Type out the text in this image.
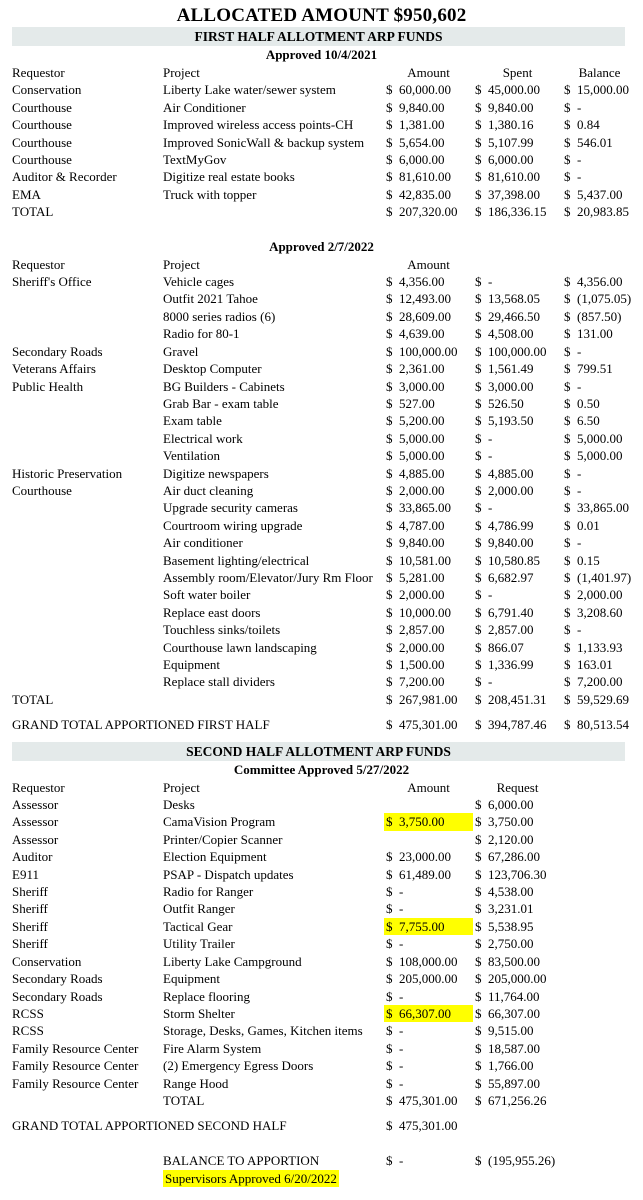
ALLOCATED AMOUNT $950,602
FIRST HALF ALLOTMENT ARP FUNDS
Approved 10/4/2021
Requestor	Project	Amount		Spent		Balance	
Conservation	Liberty Lake water/sewer system	$	60,000.00	$	45,000.00	$	15,000.00
Courthouse	Air Conditioner	$	9,840.00	$	9,840.00	$	-
Courthouse	Improved wireless access points-CH	$	1,381.00	$	1,380.16	$	0.84
Courthouse	Improved SonicWall & backup system	$	5,654.00	$	5,107.99	$	546.01
Courthouse	TextMyGov	$	6,000.00	$	6,000.00	$	-
Auditor & Recorder	Digitize real estate books	$	81,610.00	$	81,610.00	$	-
EMA	Truck with topper	$	42,835.00	$	37,398.00	$	5,437.00
TOTAL		$	207,320.00	$	186,336.15	$	20,983.85
Approved 2/7/2022
Requestor	Project	Amount					
Sheriff's Office	Vehicle cages	$	4,356.00	$	-	$	4,356.00
	Outfit 2021 Tahoe	$	12,493.00	$	13,568.05	$	(1,075.05)
	8000 series radios (6)	$	28,609.00	$	29,466.50	$	(857.50)
	Radio for 80-1	$	4,639.00	$	4,508.00	$	131.00
Secondary Roads	Gravel	$	100,000.00	$	100,000.00	$	-
Veterans Affairs	Desktop Computer	$	2,361.00	$	1,561.49	$	799.51
Public Health	BG Builders - Cabinets	$	3,000.00	$	3,000.00	$	-
	Grab Bar - exam table	$	527.00	$	526.50	$	0.50
	Exam table	$	5,200.00	$	5,193.50	$	6.50
	Electrical work	$	5,000.00	$	-	$	5,000.00
	Ventilation	$	5,000.00	$	-	$	5,000.00
Historic Preservation	Digitize newspapers	$	4,885.00	$	4,885.00	$	-
Courthouse	Air duct cleaning	$	2,000.00	$	2,000.00	$	-
	Upgrade security cameras	$	33,865.00	$	-	$	33,865.00
	Courtroom wiring upgrade	$	4,787.00	$	4,786.99	$	0.01
	Air conditioner	$	9,840.00	$	9,840.00	$	-
	Basement lighting/electrical	$	10,581.00	$	10,580.85	$	0.15
	Assembly room/Elevator/Jury Rm Floor	$	5,281.00	$	6,682.97	$	(1,401.97)
	Soft water boiler	$	2,000.00	$	-	$	2,000.00
	Replace east doors	$	10,000.00	$	6,791.40	$	3,208.60
	Touchless sinks/toilets	$	2,857.00	$	2,857.00	$	-
	Courthouse lawn landscaping	$	2,000.00	$	866.07	$	1,133.93
	Equipment	$	1,500.00	$	1,336.99	$	163.01
	Replace stall dividers	$	7,200.00	$	-	$	7,200.00
TOTAL		$	267,981.00	$	208,451.31	$	59,529.69
GRAND TOTAL APPORTIONED FIRST HALF	$	475,301.00	$	394,787.46	$	80,513.54
SECOND HALF ALLOTMENT ARP FUNDS
Committee Approved 5/27/2022
Requestor	Project	Amount		Request			
Assessor	Desks			$	6,000.00		
Assessor	CamaVision Program	$	3,750.00	$	3,750.00		
Assessor	Printer/Copier Scanner			$	2,120.00		
Auditor	Election Equipment	$	23,000.00	$	67,286.00		
E911	PSAP - Dispatch updates	$	61,489.00	$	123,706.30		
Sheriff	Radio for Ranger	$	-	$	4,538.00		
Sheriff	Outfit Ranger	$	-	$	3,231.01		
Sheriff	Tactical Gear	$	7,755.00	$	5,538.95		
Sheriff	Utility Trailer	$	-	$	2,750.00		
Conservation	Liberty Lake Campground	$	108,000.00	$	83,500.00		
Secondary Roads	Equipment	$	205,000.00	$	205,000.00		
Secondary Roads	Replace flooring	$	-	$	11,764.00		
RCSS	Storm Shelter	$	66,307.00	$	66,307.00		
RCSS	Storage, Desks, Games, Kitchen items	$	-	$	9,515.00		
Family Resource Center	Fire Alarm System	$	-	$	18,587.00		
Family Resource Center	(2) Emergency Egress Doors	$	-	$	1,766.00		
Family Resource Center	Range Hood	$	-	$	55,897.00		
	TOTAL	$	475,301.00	$	671,256.26		
GRAND TOTAL APPORTIONED SECOND HALF		$	475,301.00				

	BALANCE TO APPORTION	$	-	$	(195,955.26)		
	Supervisors Approved 6/20/2022	
